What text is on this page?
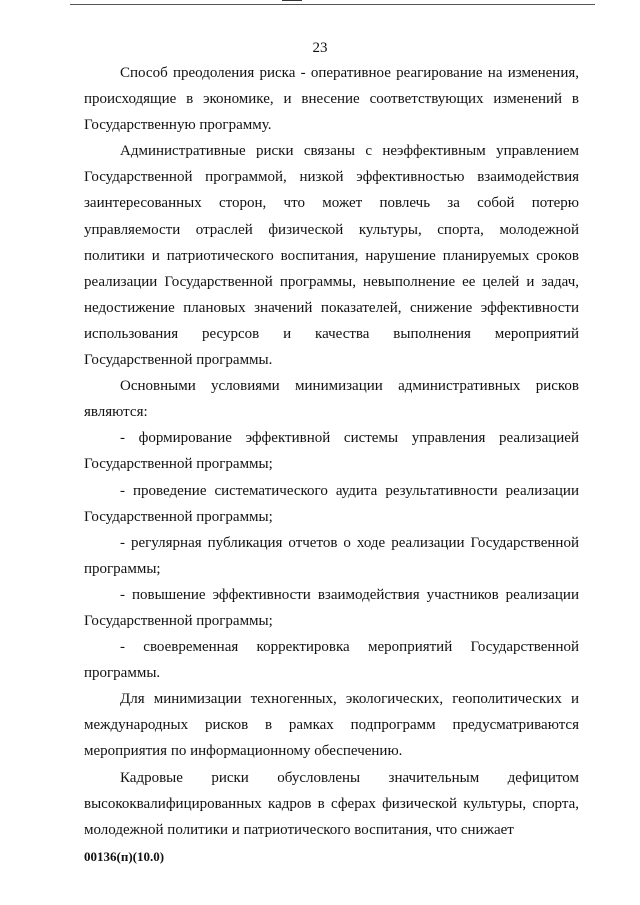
23

Способ преодоления риска - оперативное реагирование на изменения, происходящие в экономике, и внесение соответствующих изменений в Государственную программу.

Административные риски связаны с неэффективным управлением Государственной программой, низкой эффективностью взаимодействия заинтересованных сторон, что может повлечь за собой потерю управляемости отраслей физической культуры, спорта, молодежной политики и патриотического воспитания, нарушение планируемых сроков реализации Государственной программы, невыполнение ее целей и задач, недостижение плановых значений показателей, снижение эффективности использования ресурсов и качества выполнения мероприятий Государственной программы.

Основными условиями минимизации административных рисков являются:

- формирование эффективной системы управления реализацией Государственной программы;

- проведение систематического аудита результативности реализации Государственной программы;

- регулярная публикация отчетов о ходе реализации Государственной программы;

- повышение эффективности взаимодействия участников реализации Государственной программы;

- своевременная корректировка мероприятий Государственной программы.

Для минимизации техногенных, экологических, геополитических и международных рисков в рамках подпрограмм предусматриваются мероприятия по информационному обеспечению.

Кадровые риски обусловлены значительным дефицитом высококвалифицированных кадров в сферах физической культуры, спорта, молодежной политики и патриотического воспитания, что снижает

00136(п)(10.0)
